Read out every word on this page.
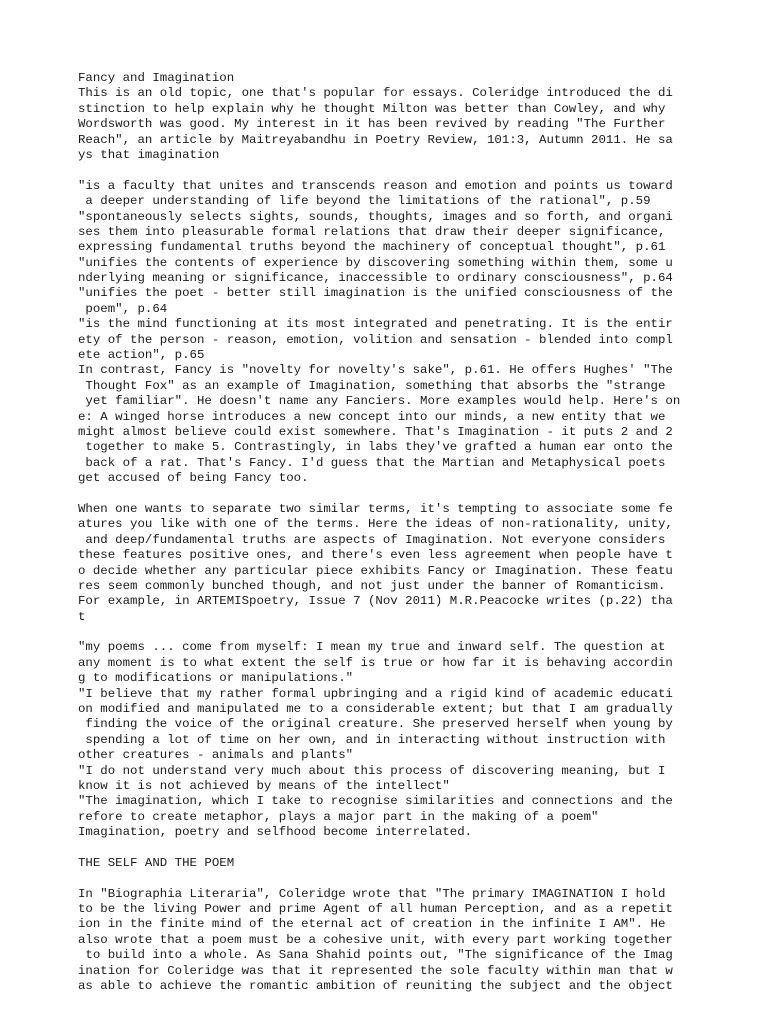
Fancy and Imagination
This is an old topic, one that's popular for essays. Coleridge introduced the di
stinction to help explain why he thought Milton was better than Cowley, and why
Wordsworth was good. My interest in it has been revived by reading "The Further
Reach", an article by Maitreyabandhu in Poetry Review, 101:3, Autumn 2011. He sa
ys that imagination
"is a faculty that unites and transcends reason and emotion and points us toward
a deeper understanding of life beyond the limitations of the rational", p.59
"spontaneously selects sights, sounds, thoughts, images and so forth, and organi
ses them into pleasurable formal relations that draw their deeper significance,
expressing fundamental truths beyond the machinery of conceptual thought", p.61
"unifies the contents of experience by discovering something within them, some u
nderlying meaning or significance, inaccessible to ordinary consciousness", p.64
"unifies the poet - better still imagination is the unified consciousness of the
poem", p.64
"is the mind functioning at its most integrated and penetrating. It is the entir
ety of the person - reason, emotion, volition and sensation - blended into compl
ete action", p.65
In contrast, Fancy is "novelty for novelty's sake", p.61. He offers Hughes' "The
Thought Fox" as an example of Imagination, something that absorbs the "strange
yet familiar". He doesn't name any Fanciers. More examples would help. Here's on
e: A winged horse introduces a new concept into our minds, a new entity that we
might almost believe could exist somewhere. That's Imagination - it puts 2 and 2
together to make 5. Contrastingly, in labs they've grafted a human ear onto the
back of a rat. That's Fancy. I'd guess that the Martian and Metaphysical poets
get accused of being Fancy too.
When one wants to separate two similar terms, it's tempting to associate some fe
atures you like with one of the terms. Here the ideas of non-rationality, unity,
and deep/fundamental truths are aspects of Imagination. Not everyone considers
these features positive ones, and there's even less agreement when people have t
o decide whether any particular piece exhibits Fancy or Imagination. These featu
res seem commonly bunched though, and not just under the banner of Romanticism.
For example, in ARTEMISpoetry, Issue 7 (Nov 2011) M.R.Peacocke writes (p.22) tha
t
"my poems ... come from myself: I mean my true and inward self. The question at
any moment is to what extent the self is true or how far it is behaving accordin
g to modifications or manipulations."
"I believe that my rather formal upbringing and a rigid kind of academic educati
on modified and manipulated me to a considerable extent; but that I am gradually
finding the voice of the original creature. She preserved herself when young by
spending a lot of time on her own, and in interacting without instruction with
other creatures - animals and plants"
"I do not understand very much about this process of discovering meaning, but I
know it is not achieved by means of the intellect"
"The imagination, which I take to recognise similarities and connections and the
refore to create metaphor, plays a major part in the making of a poem"
Imagination, poetry and selfhood become interrelated.
THE SELF AND THE POEM
In "Biographia Literaria", Coleridge wrote that "The primary IMAGINATION I hold
to be the living Power and prime Agent of all human Perception, and as a repetit
ion in the finite mind of the eternal act of creation in the infinite I AM". He
also wrote that a poem must be a cohesive unit, with every part working together
to build into a whole. As Sana Shahid points out, "The significance of the Imag
ination for Coleridge was that it represented the sole faculty within man that w
as able to achieve the romantic ambition of reuniting the subject and the object
